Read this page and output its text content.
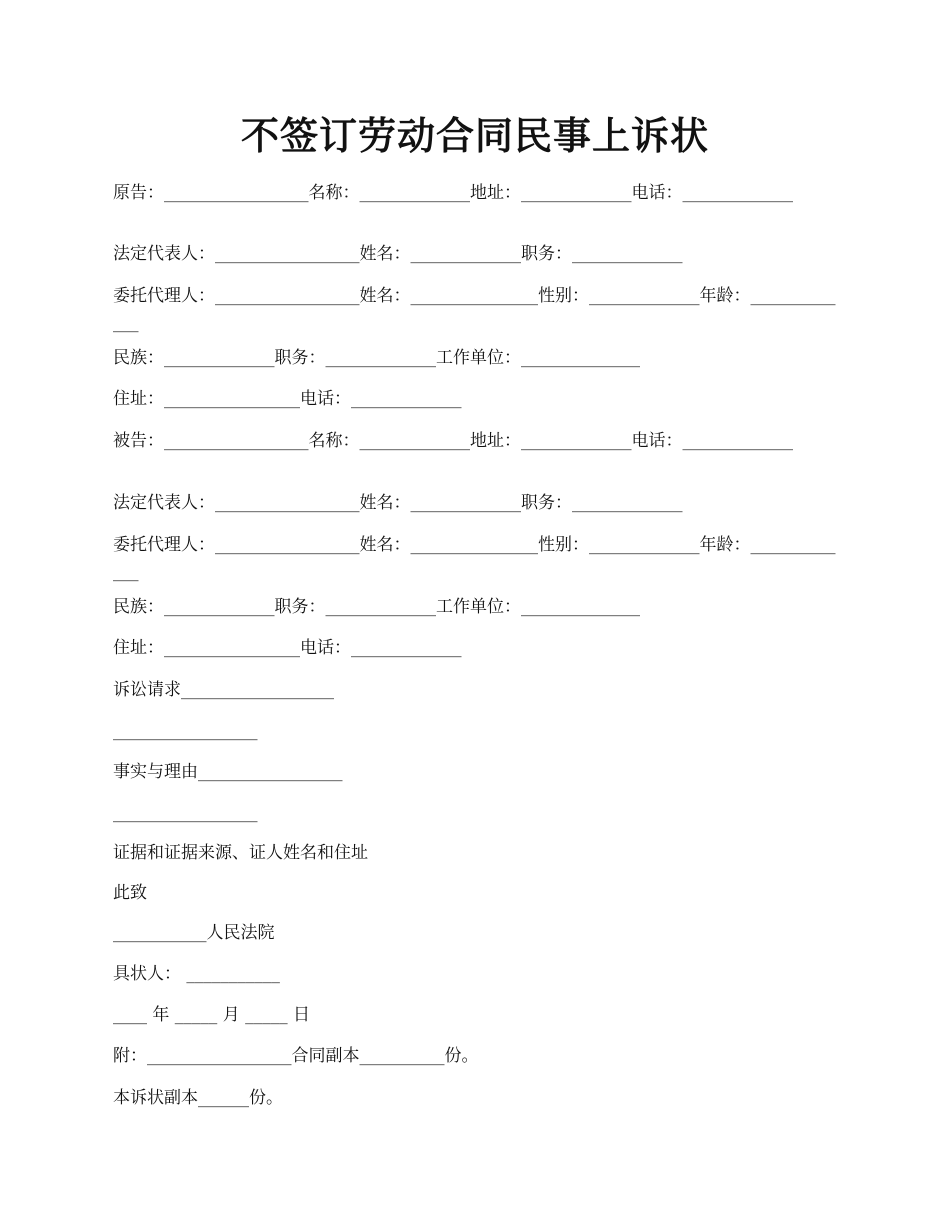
不签订劳动合同民事上诉状
原告：_________________名称：_____________地址：_____________电话：_____________
法定代表人：_________________姓名：_____________职务：_____________
委托代理人：_________________姓名：_______________性别：_____________年龄：_____________
民族：_____________职务：_____________工作单位：______________
住址：________________电话：_____________
被告：_________________名称：_____________地址：_____________电话：_____________
法定代表人：_________________姓名：_____________职务：_____________
委托代理人：_________________姓名：_______________性别：_____________年龄：_____________
民族：_____________职务：_____________工作单位：______________
住址：________________电话：_____________
诉讼请求__________________
_________________
事实与理由_________________
_________________
证据和证据来源、证人姓名和住址
此致
___________人民法院
具状人： ___________
____ 年 _____ 月 _____ 日
附：_________________合同副本__________份。
本诉状副本______份。
